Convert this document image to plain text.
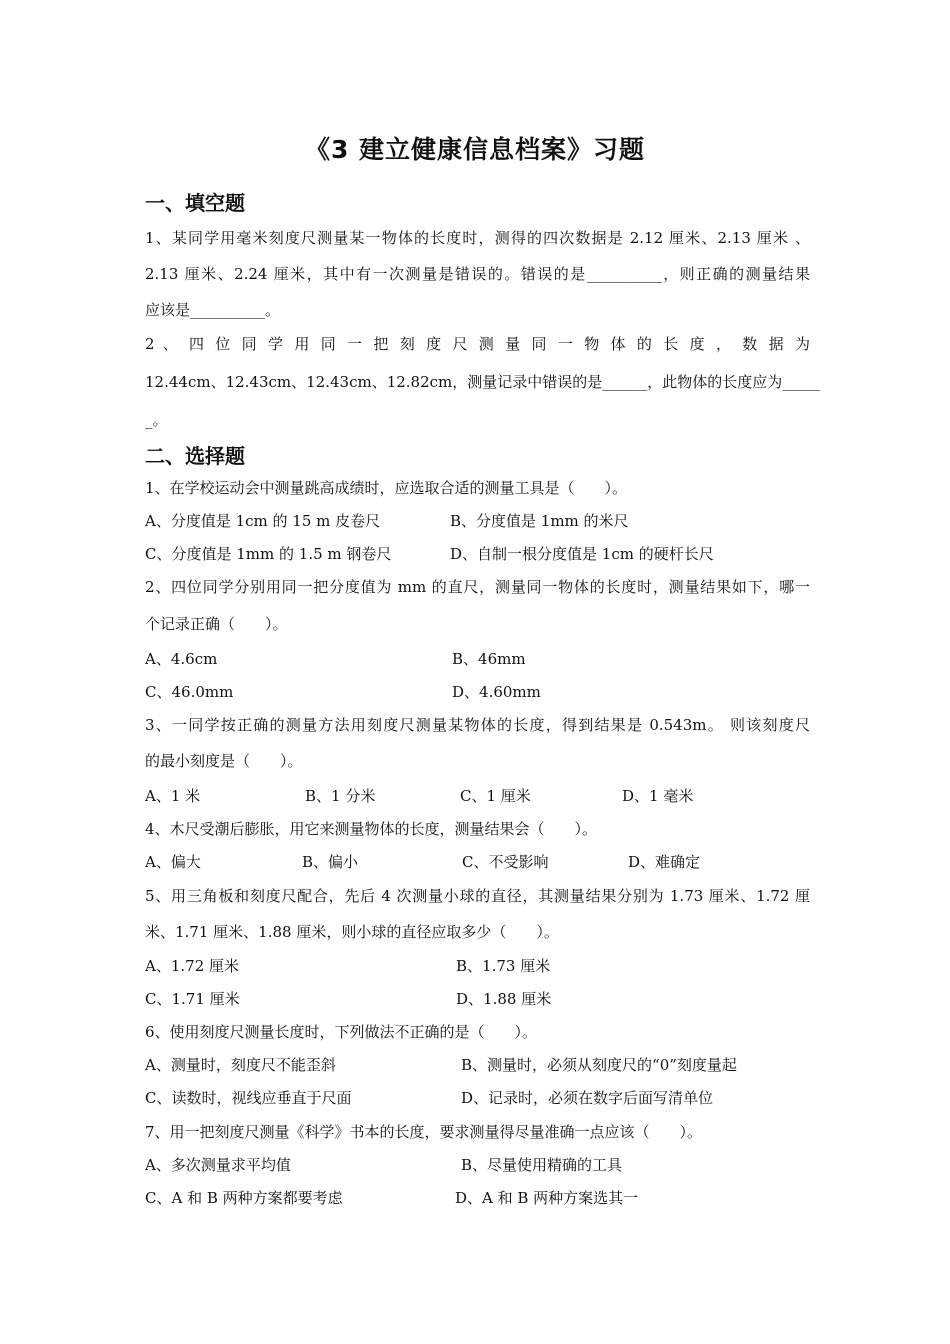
《3 建立健康信息档案》习题
一、填空题
1、某同学用毫米刻度尺测量某一物体的长度时，测得的四次数据是 2.12 厘米、2.13 厘米 、
2.13 厘米、2.24 厘米，其中有一次测量是错误的。错误的是__________，则正确的测量结果
应该是__________。
2 、 四 位 同 学 用 同 一 把 刻 度 尺 测 量 同 一 物 体 的 长 度 ， 数 据 为
12.44cm、12.43cm、12.43cm、12.82cm，测量记录中错误的是______，此物体的长度应为_____
_。
二、选择题
1、在学校运动会中测量跳高成绩时，应选取合适的测量工具是（　　）。
A、分度值是 1cm 的 15 m 皮卷尺	B、分度值是 1mm 的米尺
C、分度值是 1mm 的 1.5 m 钢卷尺	D、自制一根分度值是 1cm 的硬杆长尺
2、四位同学分别用同一把分度值为 mm 的直尺，测量同一物体的长度时，测量结果如下，哪一
个记录正确（　　）。
A、4.6cm	B、46mm
C、46.0mm	D、4.60mm
3、一同学按正确的测量方法用刻度尺测量某物体的长度，得到结果是 0.543m。 则该刻度尺
的最小刻度是（　　）。
A、1 米	B、1 分米	C、1 厘米	D、1 毫米
4、木尺受潮后膨胀，用它来测量物体的长度，测量结果会（　　）。
A、偏大	B、偏小	C、不受影响	D、难确定
5、用三角板和刻度尺配合，先后 4 次测量小球的直径，其测量结果分别为 1.73 厘米、1.72 厘
米、1.71 厘米、1.88 厘米，则小球的直径应取多少（　　）。
A、1.72 厘米	B、1.73 厘米
C、1.71 厘米	D、1.88 厘米
6、使用刻度尺测量长度时，下列做法不正确的是（　　）。
A、测量时，刻度尺不能歪斜	B、测量时，必须从刻度尺的“0”刻度量起
C、读数时，视线应垂直于尺面	D、记录时，必须在数字后面写清单位
7、用一把刻度尺测量《科学》书本的长度，要求测量得尽量准确一点应该（　　）。
A、多次测量求平均值	B、尽量使用精确的工具
C、A 和 B 两种方案都要考虑	D、A 和 B 两种方案选其一
